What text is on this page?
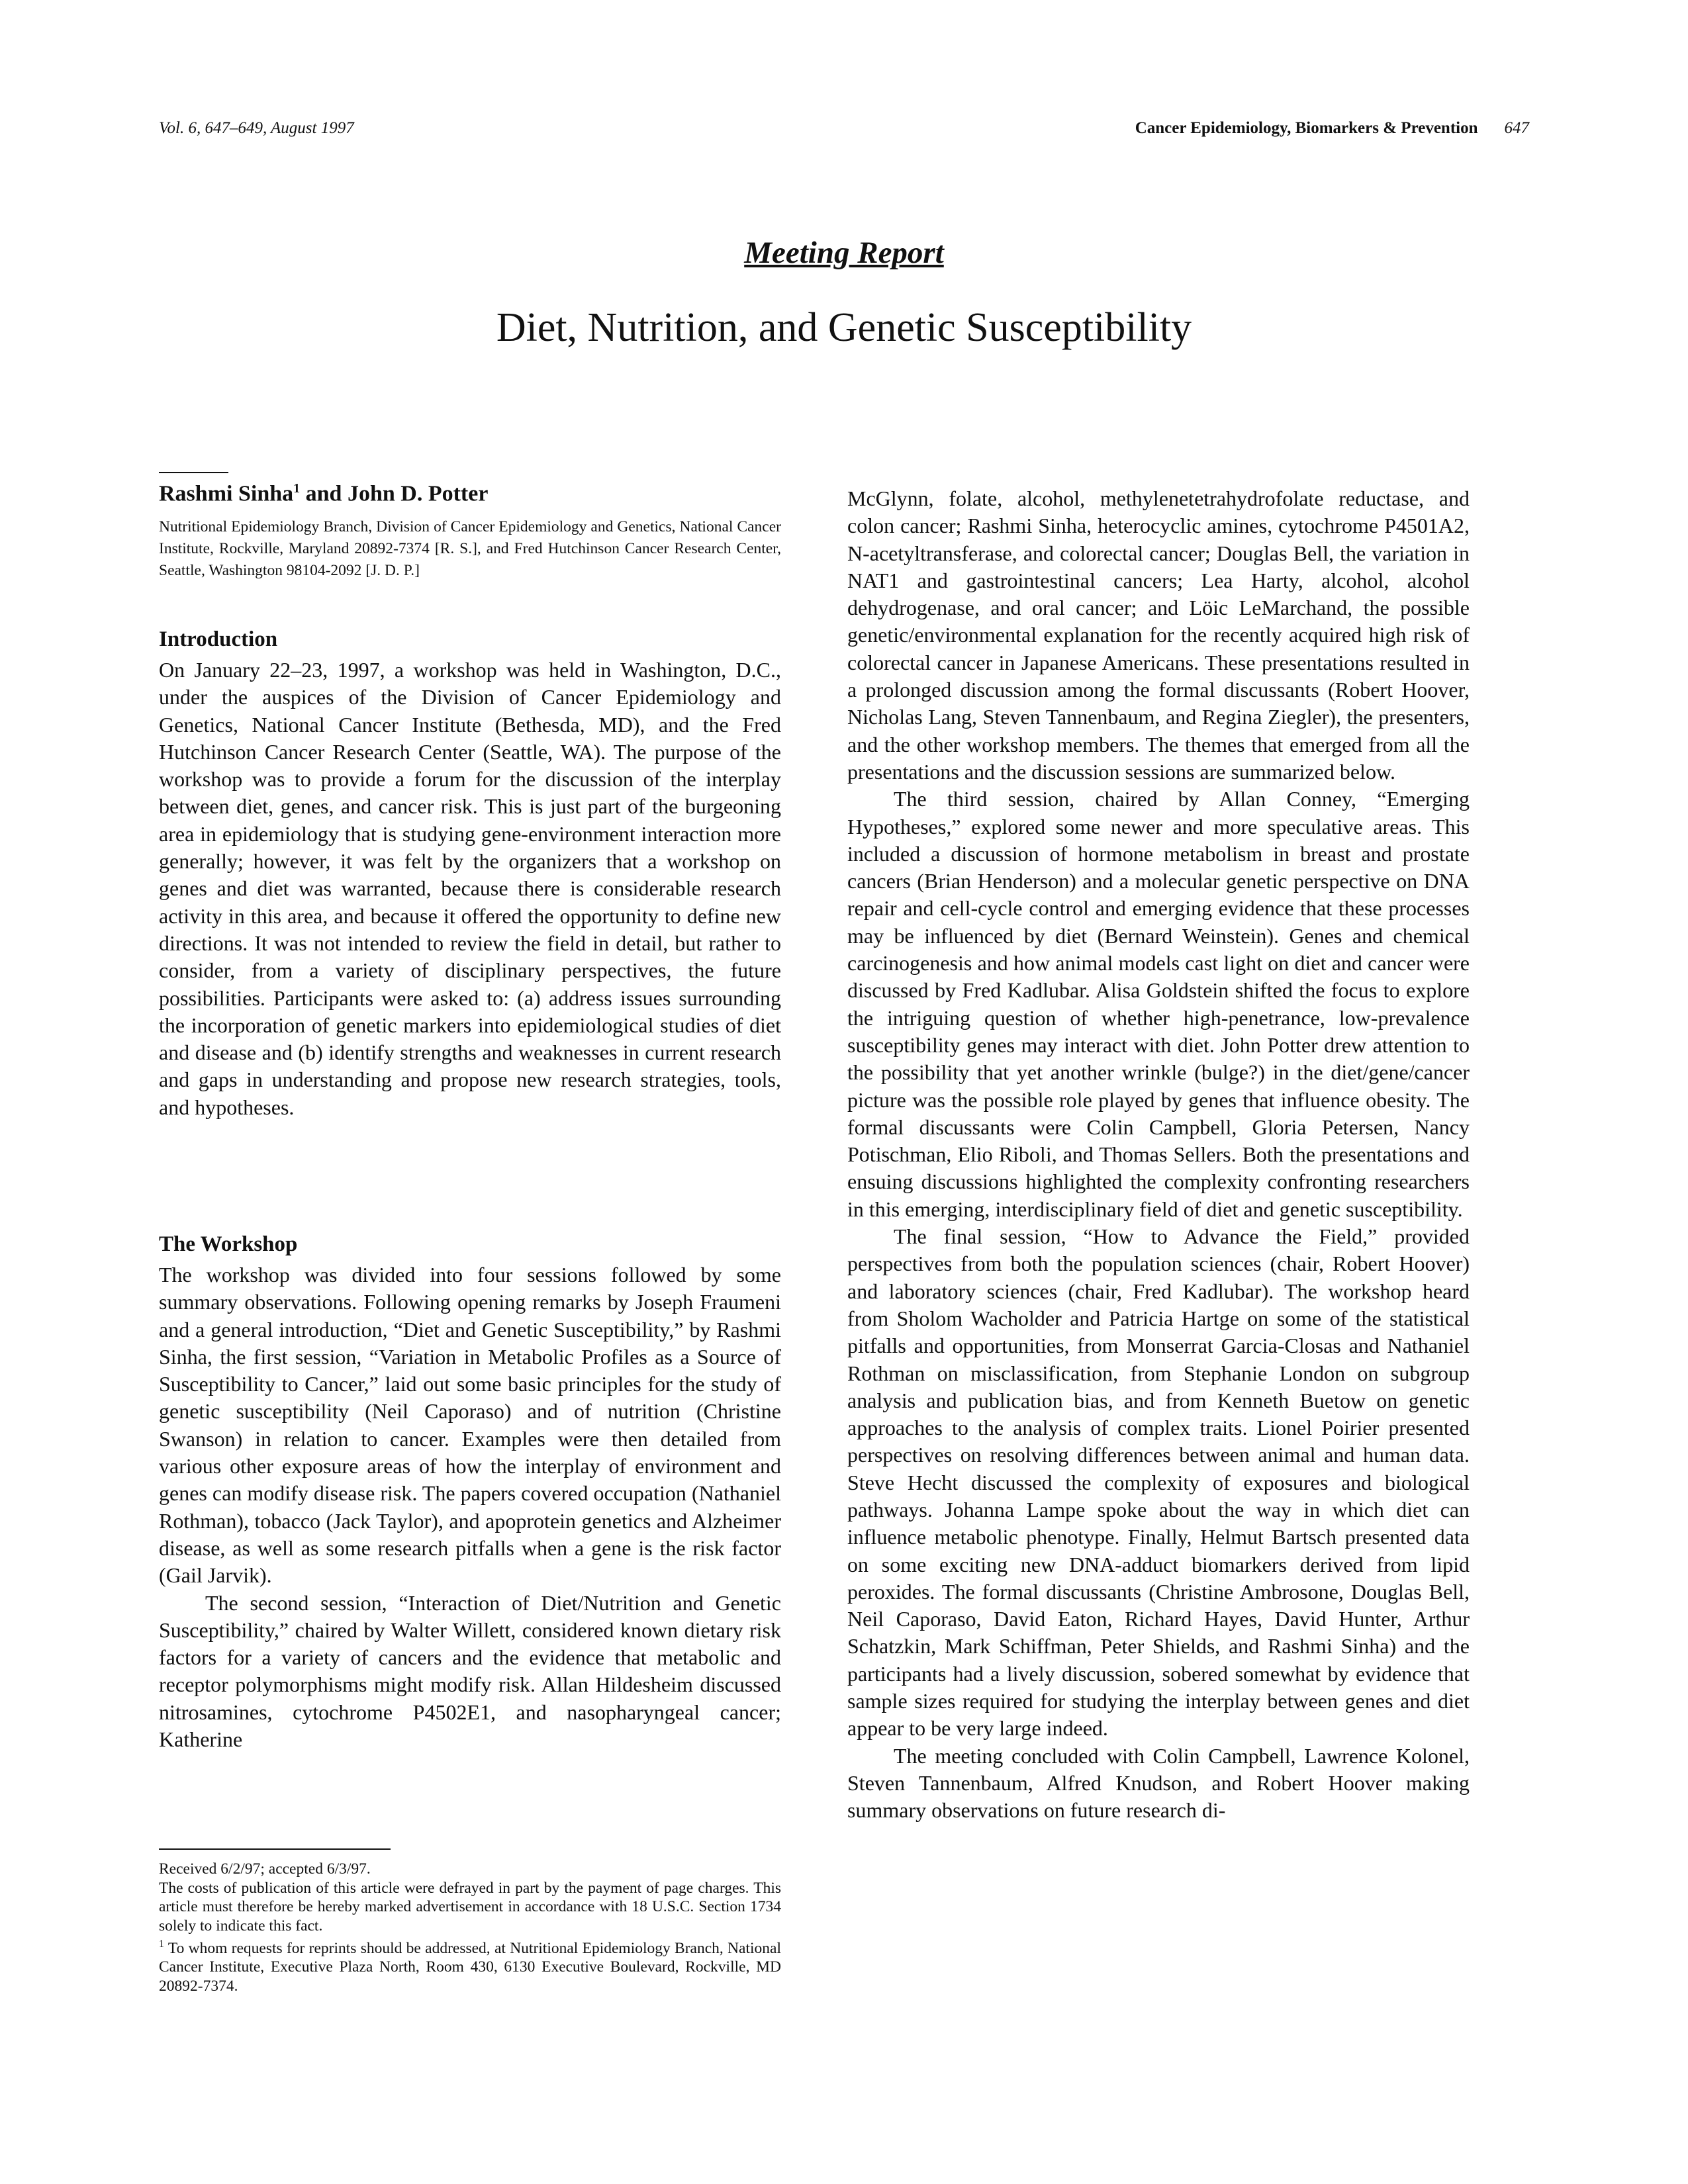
Vol. 6, 647–649, August 1997	Cancer Epidemiology, Biomarkers & Prevention 647
Meeting Report
Diet, Nutrition, and Genetic Susceptibility
Rashmi Sinha$^1$ and John D. Potter
Nutritional Epidemiology Branch, Division of Cancer Epidemiology and Genetics, National Cancer Institute, Rockville, Maryland 20892-7374 [R. S.], and Fred Hutchinson Cancer Research Center, Seattle, Washington 98104-2092 [J. D. P.]
Introduction

On January 22–23, 1997, a workshop was held in Washington, D.C., under the auspices of the Division of Cancer Epidemiology and Genetics, National Cancer Institute (Bethesda, MD), and the Fred Hutchinson Cancer Research Center (Seattle, WA). The purpose of the workshop was to provide a forum for the discussion of the interplay between diet, genes, and cancer risk. This is just part of the burgeoning area in epidemiology that is studying gene-environment interaction more generally; however, it was felt by the organizers that a workshop on genes and diet was warranted, because there is considerable research activity in this area, and because it offered the opportunity to define new directions. It was not intended to review the field in detail, but rather to consider, from a variety of disciplinary perspectives, the future possibilities. Participants were asked to: (a) address issues surrounding the incorporation of genetic markers into epidemiological studies of diet and disease and (b) identify strengths and weaknesses in current research and gaps in understanding and propose new research strategies, tools, and hypotheses.

The Workshop

The workshop was divided into four sessions followed by some summary observations. Following opening remarks by Joseph Fraumeni and a general introduction, “Diet and Genetic Susceptibility,” by Rashmi Sinha, the first session, “Variation in Metabolic Profiles as a Source of Susceptibility to Cancer,” laid out some basic principles for the study of genetic susceptibility (Neil Caporaso) and of nutrition (Christine Swanson) in relation to cancer. Examples were then detailed from various other exposure areas of how the interplay of environment and genes can modify disease risk. The papers covered occupation (Nathaniel Rothman), tobacco (Jack Taylor), and apoprotein genetics and Alzheimer disease, as well as some research pitfalls when a gene is the risk factor (Gail Jarvik).

The second session, “Interaction of Diet/Nutrition and Genetic Susceptibility,” chaired by Walter Willett, considered known dietary risk factors for a variety of cancers and the evidence that metabolic and receptor polymorphisms might modify risk. Allan Hildesheim discussed nitrosamines, cytochrome P4502E1, and nasopharyngeal cancer; Katherine

Received 6/2/97; accepted 6/3/97.

The costs of publication of this article were defrayed in part by the payment of page charges. This article must therefore be hereby marked advertisement in accordance with 18 U.S.C. Section 1734 solely to indicate this fact.

$^1$ To whom requests for reprints should be addressed, at Nutritional Epidemiology Branch, National Cancer Institute, Executive Plaza North, Room 430, 6130 Executive Boulevard, Rockville, MD 20892-7374.

McGlynn, folate, alcohol, methylenetetrahydrofolate reductase, and colon cancer; Rashmi Sinha, heterocyclic amines, cytochrome P4501A2, N-acetyltransferase, and colorectal cancer; Douglas Bell, the variation in NAT1 and gastrointestinal cancers; Lea Harty, alcohol, alcohol dehydrogenase, and oral cancer; and Löic LeMarchand, the possible genetic/environmental explanation for the recently acquired high risk of colorectal cancer in Japanese Americans. These presentations resulted in a prolonged discussion among the formal discussants (Robert Hoover, Nicholas Lang, Steven Tannenbaum, and Regina Ziegler), the presenters, and the other workshop members. The themes that emerged from all the presentations and the discussion sessions are summarized below.

The third session, chaired by Allan Conney, “Emerging Hypotheses,” explored some newer and more speculative areas. This included a discussion of hormone metabolism in breast and prostate cancers (Brian Henderson) and a molecular genetic perspective on DNA repair and cell-cycle control and emerging evidence that these processes may be influenced by diet (Bernard Weinstein). Genes and chemical carcinogenesis and how animal models cast light on diet and cancer were discussed by Fred Kadlubar. Alisa Goldstein shifted the focus to explore the intriguing question of whether high-penetrance, low-prevalence susceptibility genes may interact with diet. John Potter drew attention to the possibility that yet another wrinkle (bulge?) in the diet/gene/cancer picture was the possible role played by genes that influence obesity. The formal discussants were Colin Campbell, Gloria Petersen, Nancy Potischman, Elio Riboli, and Thomas Sellers. Both the presentations and ensuing discussions highlighted the complexity confronting researchers in this emerging, interdisciplinary field of diet and genetic susceptibility.

The final session, “How to Advance the Field,” provided perspectives from both the population sciences (chair, Robert Hoover) and laboratory sciences (chair, Fred Kadlubar). The workshop heard from Sholom Wacholder and Patricia Hartge on some of the statistical pitfalls and opportunities, from Monserrat Garcia-Closas and Nathaniel Rothman on misclassification, from Stephanie London on subgroup analysis and publication bias, and from Kenneth Buetow on genetic approaches to the analysis of complex traits. Lionel Poirier presented perspectives on resolving differences between animal and human data. Steve Hecht discussed the complexity of exposures and biological pathways. Johanna Lampe spoke about the way in which diet can influence metabolic phenotype. Finally, Helmut Bartsch presented data on some exciting new DNA-adduct biomarkers derived from lipid peroxides. The formal discussants (Christine Ambrosone, Douglas Bell, Neil Caporaso, David Eaton, Richard Hayes, David Hunter, Arthur Schatzkin, Mark Schiffman, Peter Shields, and Rashmi Sinha) and the participants had a lively discussion, sobered somewhat by evidence that sample sizes required for studying the interplay between genes and diet appear to be very large indeed.

The meeting concluded with Colin Campbell, Lawrence Kolonel, Steven Tannenbaum, Alfred Knudson, and Robert Hoover making summary observations on future research di-
